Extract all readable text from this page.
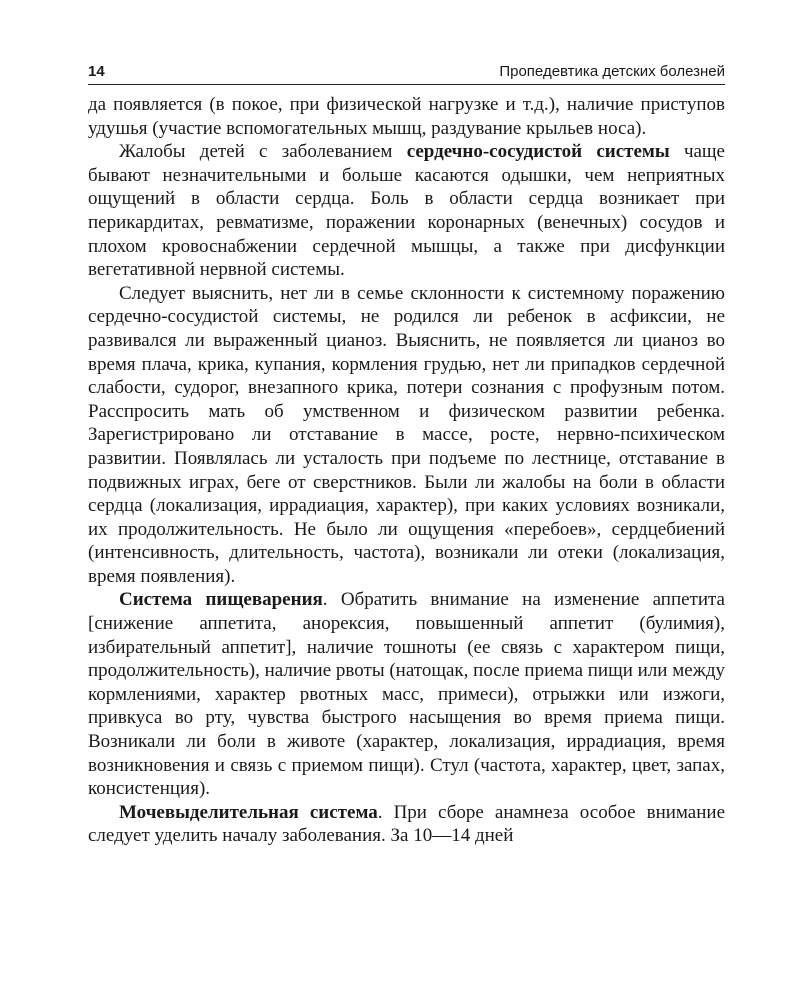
14	Пропедевтика детских болезней

да появляется (в покое, при физической нагрузке и т.д.), наличие приступов удушья (участие вспомогательных мышц, раздувание крыльев носа).

Жалобы детей с заболеванием сердечно-сосудистой системы чаще бывают незначительными и больше касаются одышки, чем неприятных ощущений в области сердца. Боль в области сердца возникает при перикардитах, ревматизме, поражении коронарных (венечных) сосудов и плохом кровоснабжении сердечной мышцы, а также при дисфункции вегетативной нервной системы.

Следует выяснить, нет ли в семье склонности к системному поражению сердечно-сосудистой системы, не родился ли ребенок в асфиксии, не развивался ли выраженный цианоз. Выяснить, не появляется ли цианоз во время плача, крика, купания, кормления грудью, нет ли припадков сердечной слабости, судорог, внезапного крика, потери сознания с профузным потом. Расспросить мать об умственном и физическом развитии ребенка. Зарегистрировано ли отставание в массе, росте, нервно-психическом развитии. Появлялась ли усталость при подъеме по лестнице, отставание в подвижных играх, беге от сверстников. Были ли жалобы на боли в области сердца (локализация, иррадиация, характер), при каких условиях возникали, их продолжительность. Не было ли ощущения «перебоев», сердцебиений (интенсивность, длительность, частота), возникали ли отеки (локализация, время появления).

Система пищеварения. Обратить внимание на изменение аппетита [снижение аппетита, анорексия, повышенный аппетит (булимия), избирательный аппетит], наличие тошноты (ее связь с характером пищи, продолжительность), наличие рвоты (натощак, после приема пищи или между кормлениями, характер рвотных масс, примеси), отрыжки или изжоги, привкуса во рту, чувства быстрого насыщения во время приема пищи. Возникали ли боли в животе (характер, локализация, иррадиация, время возникновения и связь с приемом пищи). Стул (частота, характер, цвет, запах, консистенция).

Мочевыделительная система. При сборе анамнеза особое внимание следует уделить началу заболевания. За 10—14 дней
